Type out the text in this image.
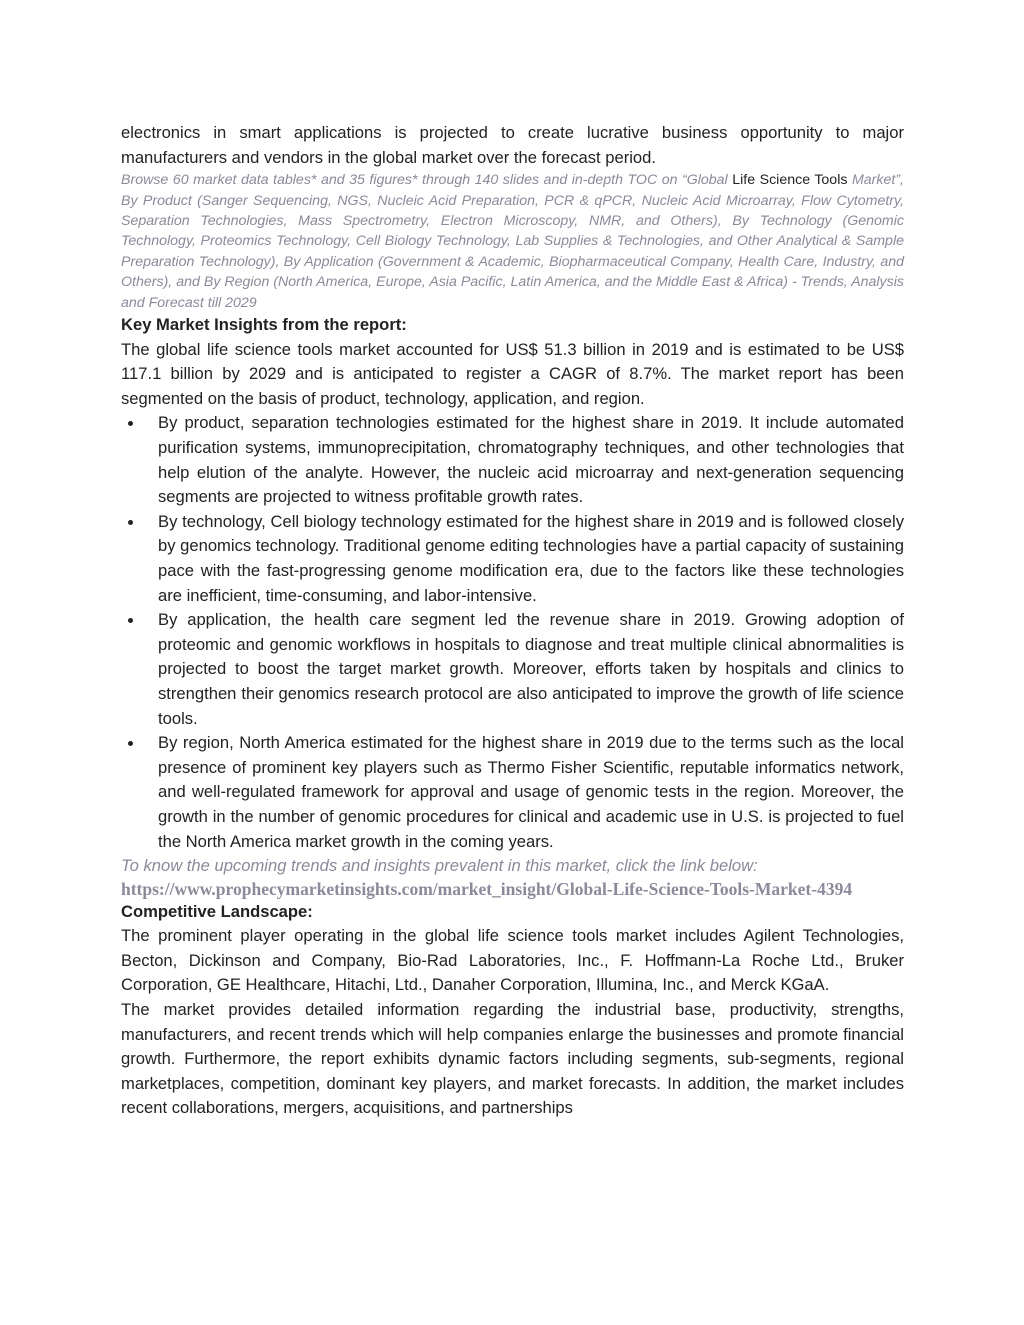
electronics in smart applications is projected to create lucrative business opportunity to major manufacturers and vendors in the global market over the forecast period.

Browse 60 market data tables* and 35 figures* through 140 slides and in-depth TOC on “Global Life Science Tools Market”, By Product (Sanger Sequencing, NGS, Nucleic Acid Preparation, PCR & qPCR, Nucleic Acid Microarray, Flow Cytometry, Separation Technologies, Mass Spectrometry, Electron Microscopy, NMR, and Others), By Technology (Genomic Technology, Proteomics Technology, Cell Biology Technology, Lab Supplies & Technologies, and Other Analytical & Sample Preparation Technology), By Application (Government & Academic, Biopharmaceutical Company, Health Care, Industry, and Others), and By Region (North America, Europe, Asia Pacific, Latin America, and the Middle East & Africa) - Trends, Analysis and Forecast till 2029

Key Market Insights from the report:

The global life science tools market accounted for US$ 51.3 billion in 2019 and is estimated to be US$ 117.1 billion by 2029 and is anticipated to register a CAGR of 8.7%. The market report has been segmented on the basis of product, technology, application, and region.

By product, separation technologies estimated for the highest share in 2019. It include automated purification systems, immunoprecipitation, chromatography techniques, and other technologies that help elution of the analyte. However, the nucleic acid microarray and next-generation sequencing segments are projected to witness profitable growth rates.
By technology, Cell biology technology estimated for the highest share in 2019 and is followed closely by genomics technology. Traditional genome editing technologies have a partial capacity of sustaining pace with the fast-progressing genome modification era, due to the factors like these technologies are inefficient, time-consuming, and labor-intensive.
By application, the health care segment led the revenue share in 2019. Growing adoption of proteomic and genomic workflows in hospitals to diagnose and treat multiple clinical abnormalities is projected to boost the target market growth. Moreover, efforts taken by hospitals and clinics to strengthen their genomics research protocol are also anticipated to improve the growth of life science tools.
By region, North America estimated for the highest share in 2019 due to the terms such as the local presence of prominent key players such as Thermo Fisher Scientific, reputable informatics network, and well-regulated framework for approval and usage of genomic tests in the region. Moreover, the growth in the number of genomic procedures for clinical and academic use in U.S. is projected to fuel the North America market growth in the coming years.

To know the upcoming trends and insights prevalent in this market, click the link below:

https://www.prophecymarketinsights.com/market_insight/Global-Life-Science-Tools-Market-4394

Competitive Landscape:

The prominent player operating in the global life science tools market includes Agilent Technologies, Becton, Dickinson and Company, Bio-Rad Laboratories, Inc., F. Hoffmann-La Roche Ltd., Bruker Corporation, GE Healthcare, Hitachi, Ltd., Danaher Corporation, Illumina, Inc., and Merck KGaA.

The market provides detailed information regarding the industrial base, productivity, strengths, manufacturers, and recent trends which will help companies enlarge the businesses and promote financial growth. Furthermore, the report exhibits dynamic factors including segments, sub-segments, regional marketplaces, competition, dominant key players, and market forecasts. In addition, the market includes recent collaborations, mergers, acquisitions, and partnerships
